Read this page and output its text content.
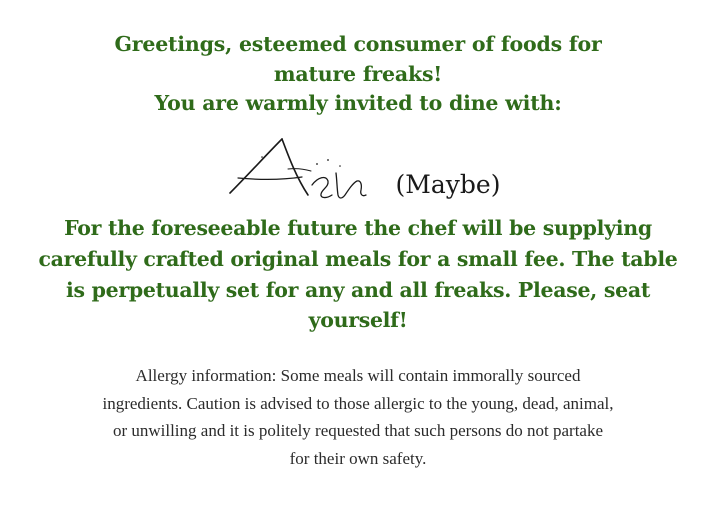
Greetings, esteemed consumer of foods for
mature freaks!
You are warmly invited to dine with:
(Maybe)
For the foreseeable future the chef will be supplying
carefully crafted original meals for a small fee. The table
is perpetually set for any and all freaks. Please, seat
yourself!
Allergy information: Some meals will contain immorally sourced
ingredients. Caution is advised to those allergic to the young, dead, animal,
or unwilling and it is politely requested that such persons do not partake
for their own safety.
